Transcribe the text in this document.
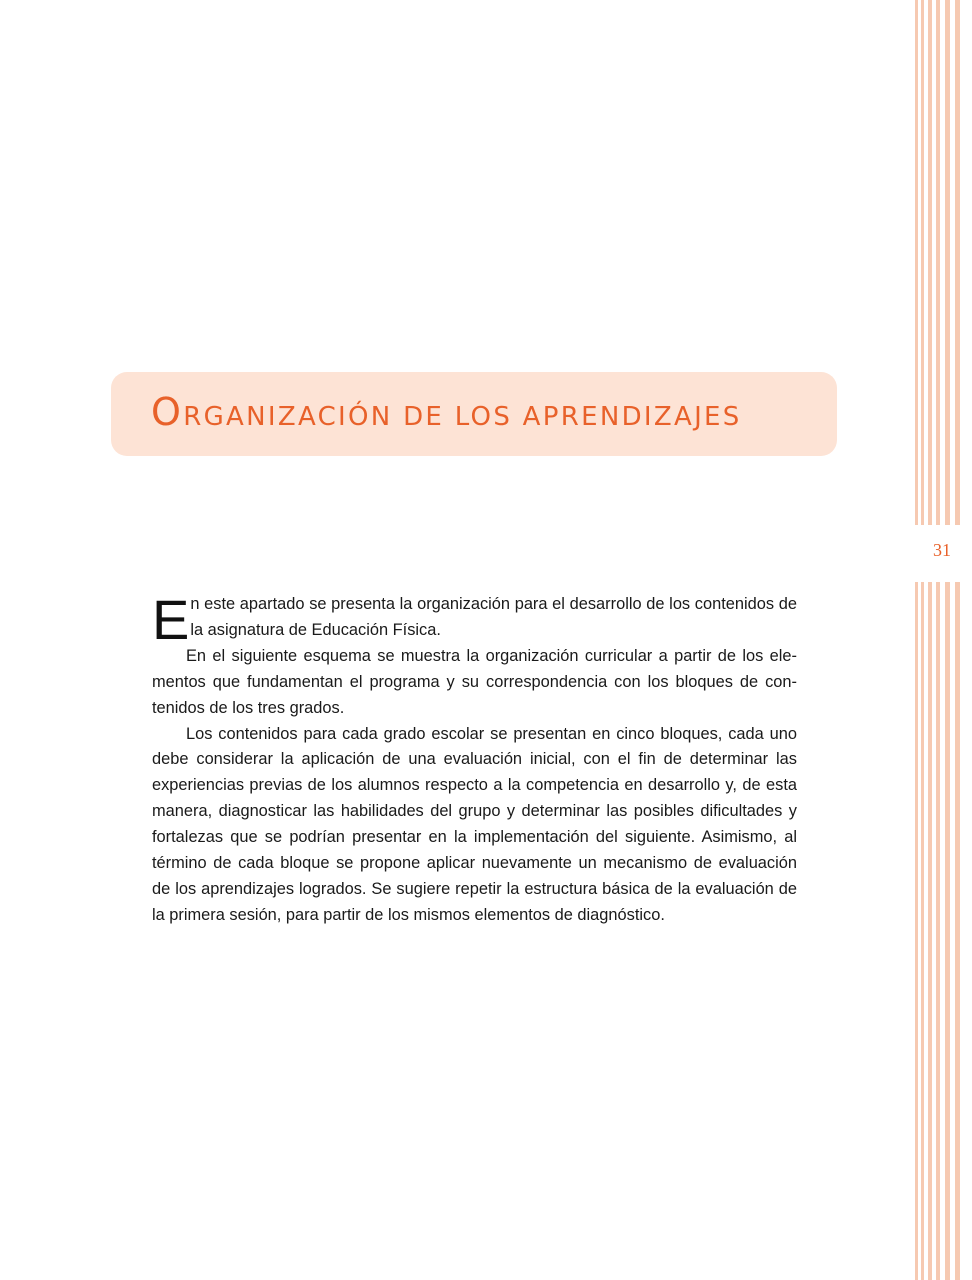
31
ORGANIZACIÓN DE LOS APRENDIZAJES

En este apartado se presenta la organización para el desarrollo de los contenidos de la asignatura de Educación Física.

En el siguiente esquema se muestra la organización curricular a partir de los elementos que fundamentan el programa y su correspondencia con los bloques de contenidos de los tres grados.

Los contenidos para cada grado escolar se presentan en cinco bloques, cada uno debe considerar la aplicación de una evaluación inicial, con el fin de determinar las experiencias previas de los alumnos respecto a la competencia en desarrollo y, de esta manera, diagnosticar las habilidades del grupo y determinar las posibles dificultades y fortalezas que se podrían presentar en la implementación del siguiente. Asimismo, al término de cada bloque se propone aplicar nuevamente un mecanismo de evaluación de los aprendizajes logrados. Se sugiere repetir la estructura básica de la evaluación de la primera sesión, para partir de los mismos elementos de diagnóstico.
